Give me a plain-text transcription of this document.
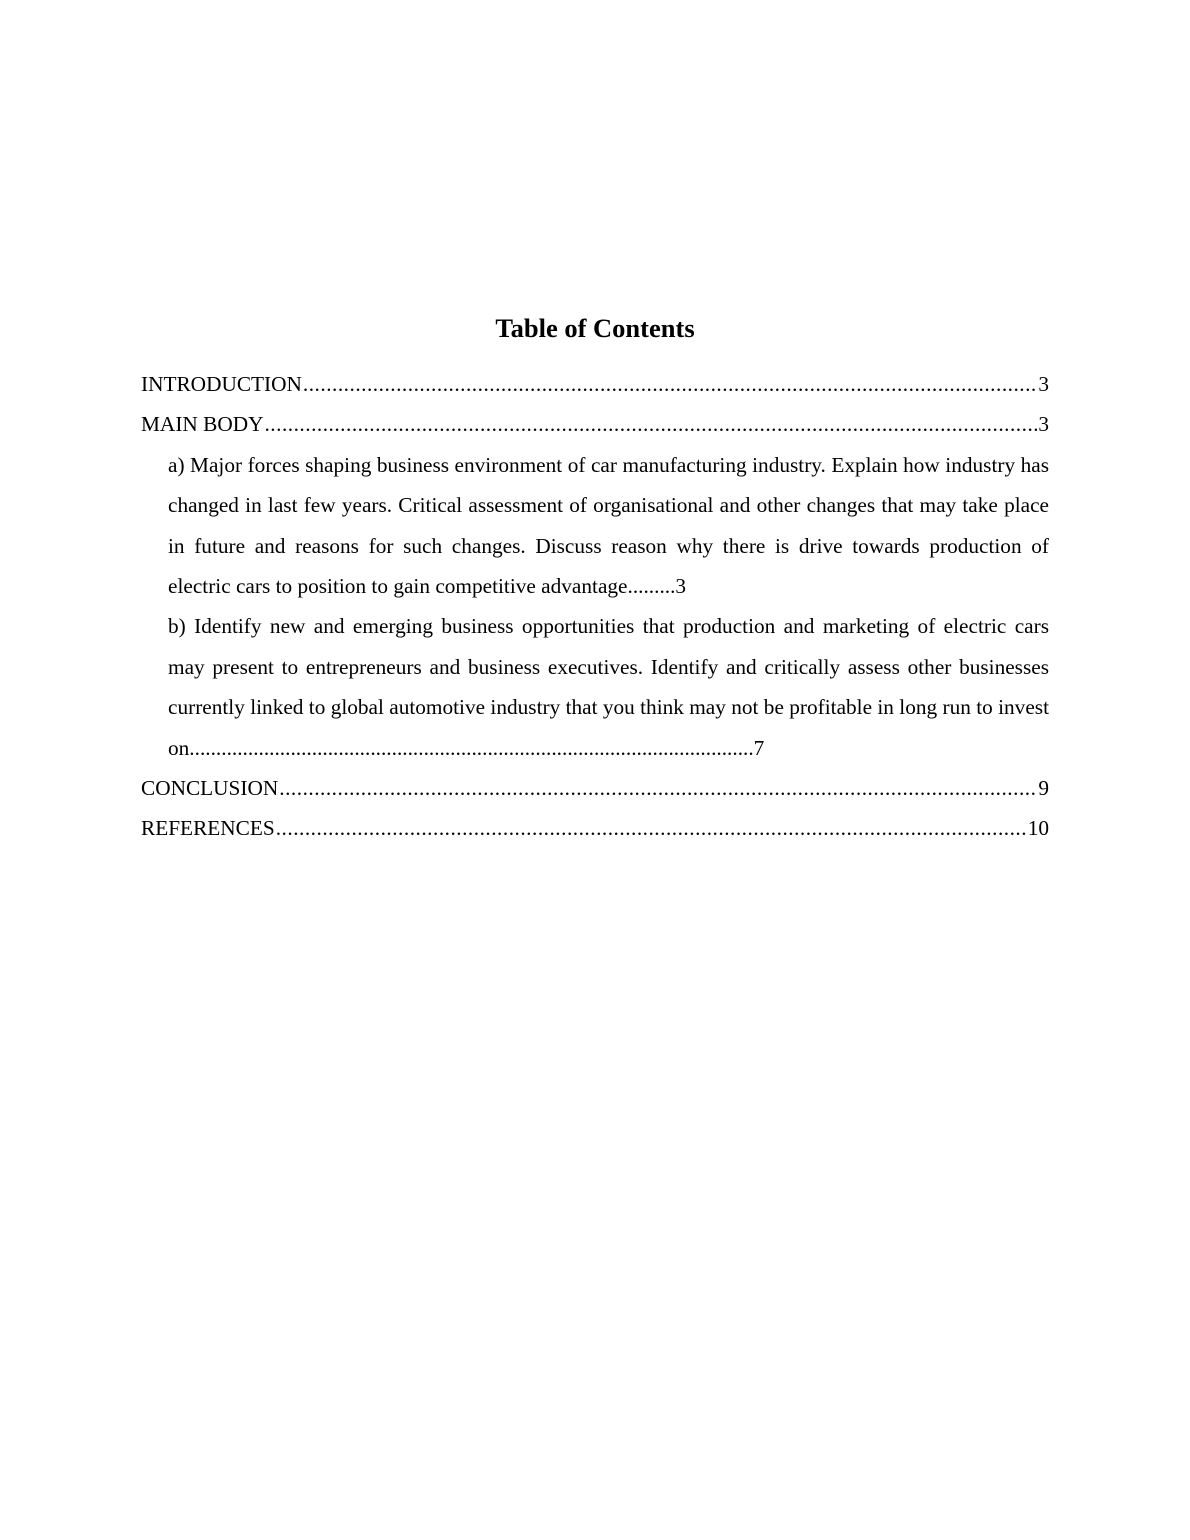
Table of Contents
INTRODUCTION .....	3
MAIN BODY .....	3
a) Major forces shaping business environment of car manufacturing industry. Explain how industry has changed in last few years. Critical assessment of organisational and other changes that may take place in future and reasons for such changes. Discuss reason why there is drive towards production of electric cars to position to gain competitive advantage ..... 3
b) Identify new and emerging business opportunities that production and marketing of electric cars may present to entrepreneurs and business executives. Identify and critically assess other businesses currently linked to global automotive industry that you think may not be profitable in long run to invest on..........................................................................................................7
CONCLUSION .....	9
REFERENCES .....	10
